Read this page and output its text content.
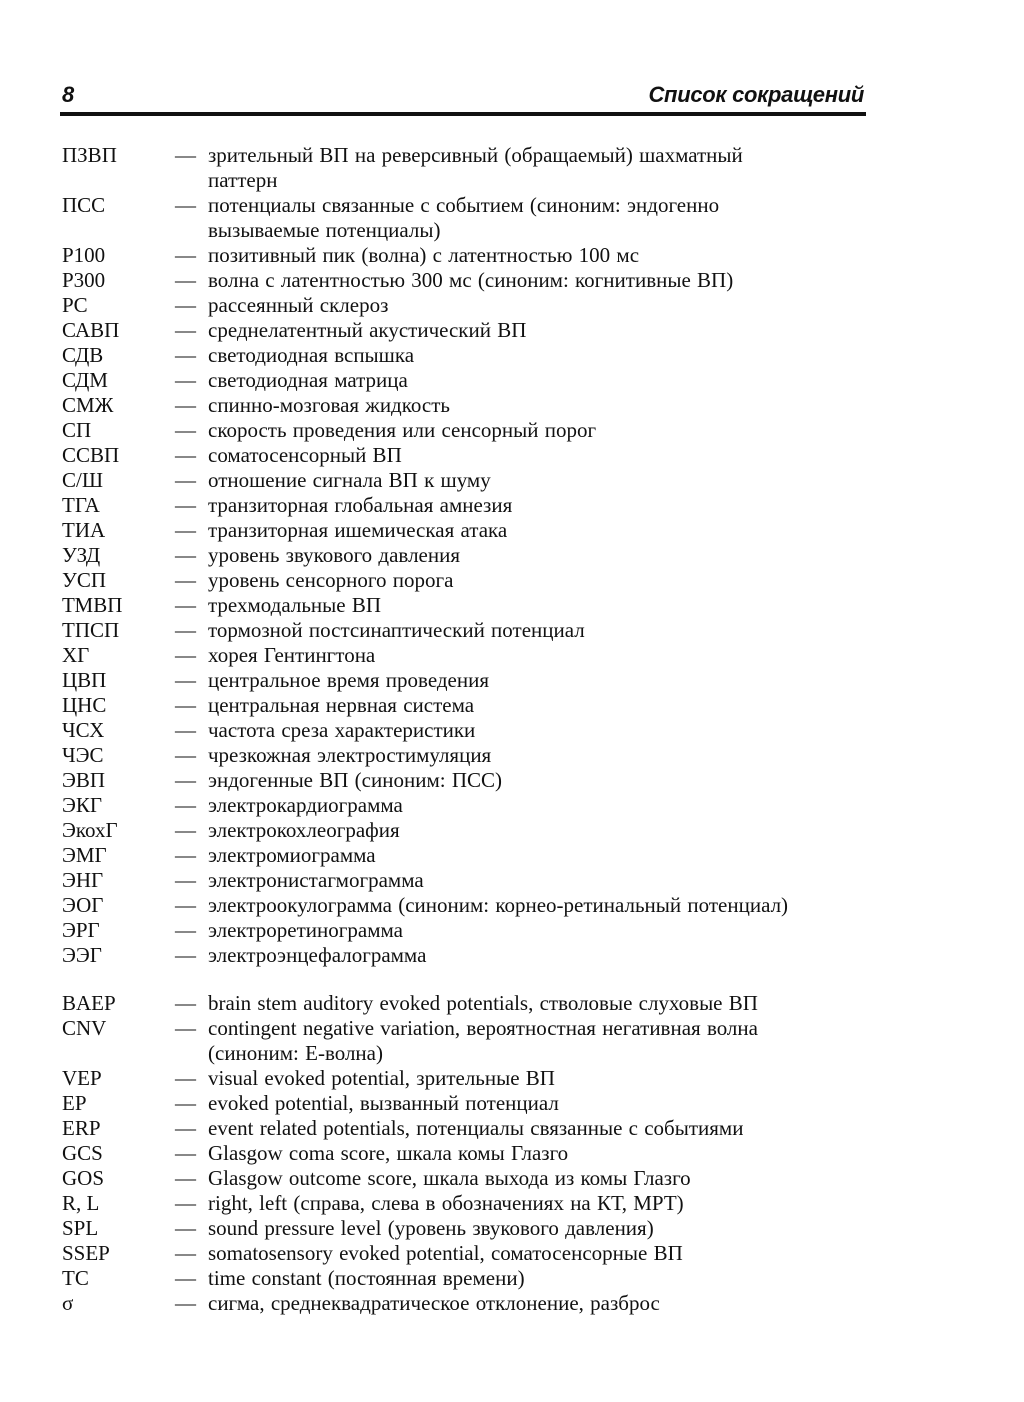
8	Список сокращений
ПЗВП	— зрительный ВП на реверсивный (обращаемый) шахматный
паттерн
ПСС	— потенциалы связанные с событием (синоним: эндогенно
вызываемые потенциалы)
P100	— позитивный пик (волна) с латентностью 100 мс
P300	— волна с латентностью 300 мс (синоним: когнитивные ВП)
PC	— рассеянный склероз
САВП	— среднелатентный акустический ВП
СДВ	— светодиодная вспышка
СДМ	— светодиодная матрица
СМЖ	— спинно-мозговая жидкость
СП	— скорость проведения или сенсорный порог
ССВП	— соматосенсорный ВП
С/Ш	— отношение сигнала ВП к шуму
ТГА	— транзиторная глобальная амнезия
ТИА	— транзиторная ишемическая атака
УЗД	— уровень звукового давления
УСП	— уровень сенсорного порога
ТМВП	— трехмодальные ВП
ТПСП	— тормозной постсинаптический потенциал
ХГ	— хорея Гентингтона
ЦВП	— центральное время проведения
ЦНС	— центральная нервная система
ЧСХ	— частота среза характеристики
ЧЭС	— чрезкожная электростимуляция
ЭВП	— эндогенные ВП (синоним: ПСС)
ЭКГ	— электрокардиограмма
ЭкохГ	— электрокохлеография
ЭМГ	— электромиограмма
ЭНГ	— электронистагмограмма
ЭОГ	— электроокулограмма (синоним: корнео-ретинальный потенциал)
ЭРГ	— электроретинограмма
ЭЭГ	— электроэнцефалограмма
BAEP	— brain stem auditory evoked potentials, стволовые слуховые ВП
CNV	— contingent negative variation, вероятностная негативная волна
(синоним: Е-волна)
VEP	— visual evoked potential, зрительные ВП
EP	— evoked potential, вызванный потенциал
ERP	— event related potentials, потенциалы связанные с событиями
GCS	— Glasgow coma score, шкала комы Глазго
GOS	— Glasgow outcome score, шкала выхода из комы Глазго
R, L	— right, left (справа, слева в обозначениях на КТ, МРТ)
SPL	— sound pressure level (уровень звукового давления)
SSEP	— somatosensory evoked potential, соматосенсорные ВП
TC	— time constant (постоянная времени)
σ	— сигма, среднеквадратическое отклонение, разброс
